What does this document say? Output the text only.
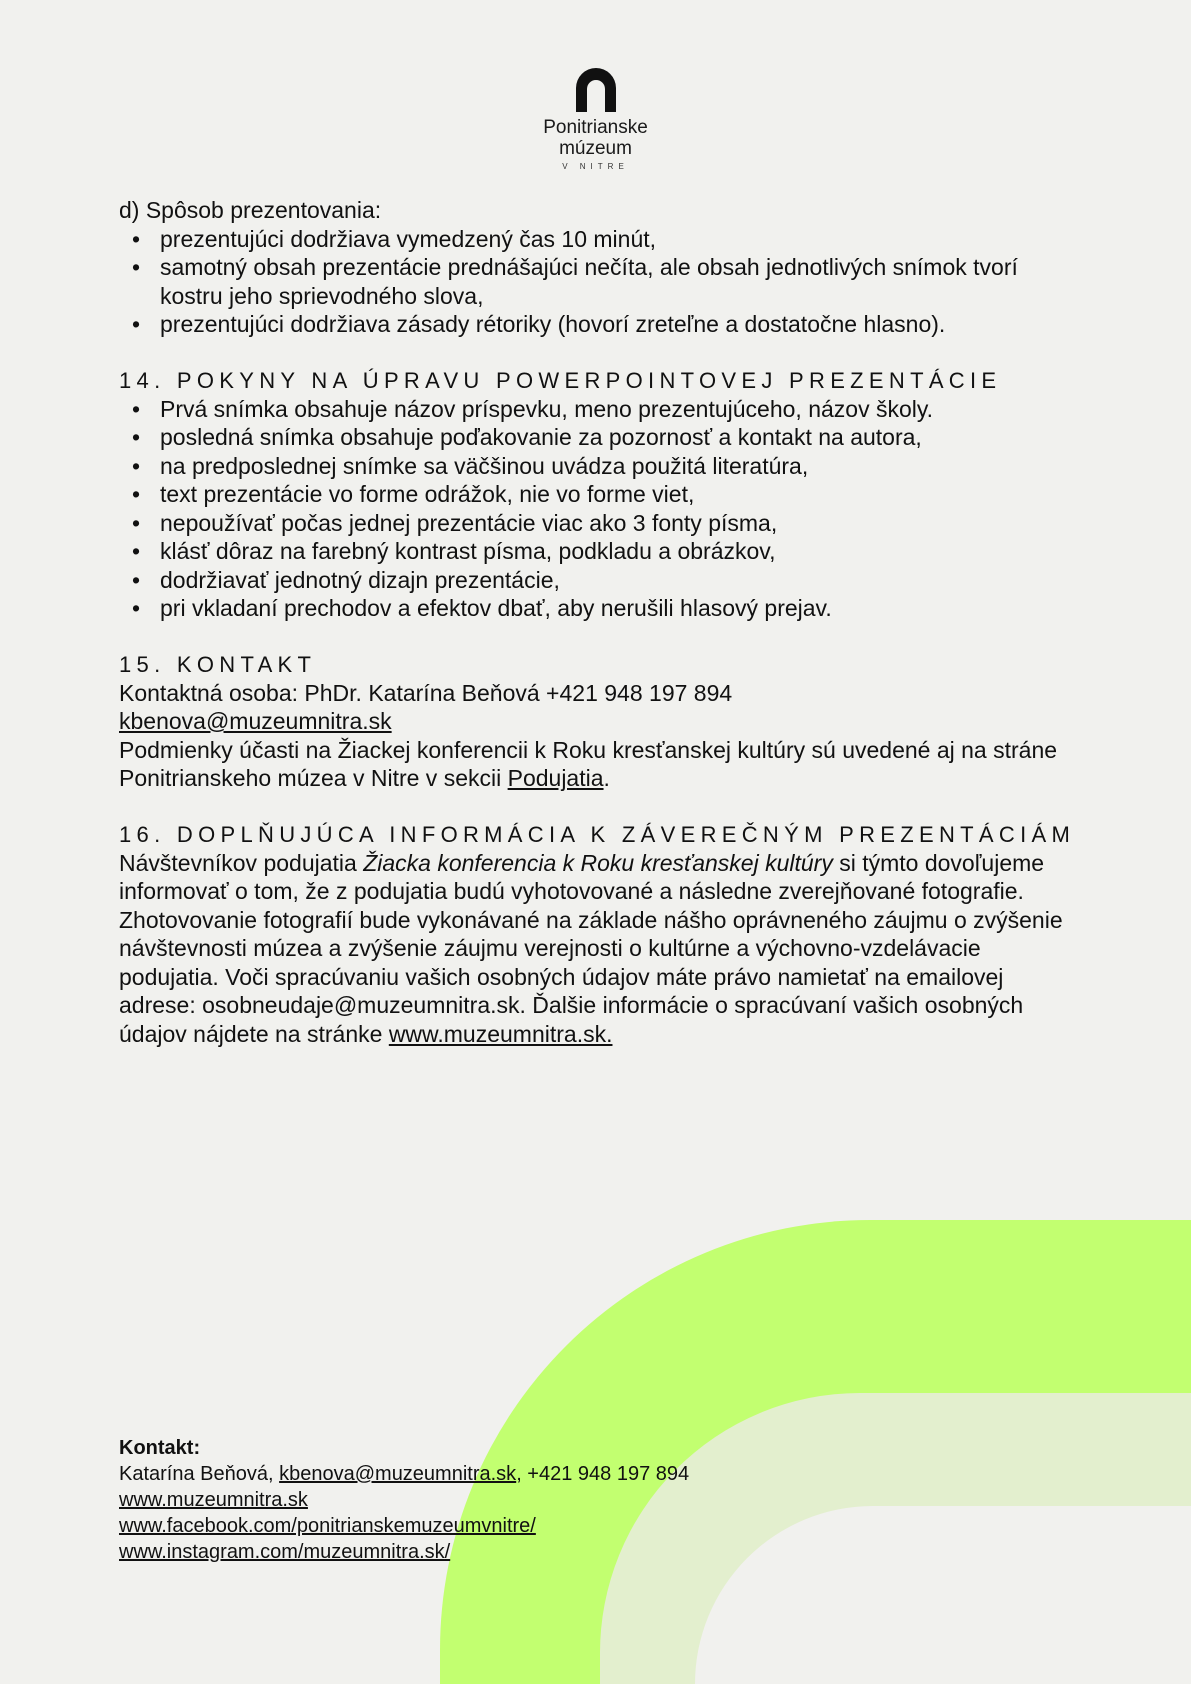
Ponitrianske
múzeum
V NITRE

d) Spôsob prezentovania:

• prezentujúci dodržiava vymedzený čas 10 minút,
• samotný obsah prezentácie prednášajúci nečíta, ale obsah jednotlivých snímok tvorí kostru jeho sprievodného slova,
• prezentujúci dodržiava zásady rétoriky (hovorí zreteľne a dostatočne hlasno).

14. POKYNY NA ÚPRAVU POWERPOINTOVEJ PREZENTÁCIE

• Prvá snímka obsahuje názov príspevku, meno prezentujúceho, názov školy.
• posledná snímka obsahuje poďakovanie za pozornosť a kontakt na autora,
• na predposlednej snímke sa väčšinou uvádza použitá literatúra,
• text prezentácie vo forme odrážok, nie vo forme viet,
• nepoužívať počas jednej prezentácie viac ako 3 fonty písma,
• klásť dôraz na farebný kontrast písma, podkladu a obrázkov,
• dodržiavať jednotný dizajn prezentácie,
• pri vkladaní prechodov a efektov dbať, aby nerušili hlasový prejav.

15. KONTAKT

Kontaktná osoba: PhDr. Katarína Beňová +421 948 197 894

kbenova@muzeumnitra.sk

Podmienky účasti na Žiackej konferencii k Roku kresťanskej kultúry sú uvedené aj na stráne Ponitrianskeho múzea v Nitre v sekcii Podujatia.

16. DOPLŇUJÚCA INFORMÁCIA K ZÁVEREČNÝM PREZENTÁCIÁM

Návštevníkov podujatia Žiacka konferencia k Roku kresťanskej kultúry si týmto dovoľujeme informovať o tom, že z podujatia budú vyhotovované a následne zverejňované fotografie. Zhotovovanie fotografií bude vykonávané na základe nášho oprávneného záujmu o zvýšenie návštevnosti múzea a zvýšenie záujmu verejnosti o kultúrne a výchovno-vzdelávacie podujatia. Voči spracúvaniu vašich osobných údajov máte právo namietať na emailovej adrese: osobneudaje@muzeumnitra.sk. Ďalšie informácie o spracúvaní vašich osobných údajov nájdete na stránke www.muzeumnitra.sk.

Kontakt:
Katarína Beňová, kbenova@muzeumnitra.sk, +421 948 197 894
www.muzeumnitra.sk
www.facebook.com/ponitrianskemuzeumvnitre/
www.instagram.com/muzeumnitra.sk/
